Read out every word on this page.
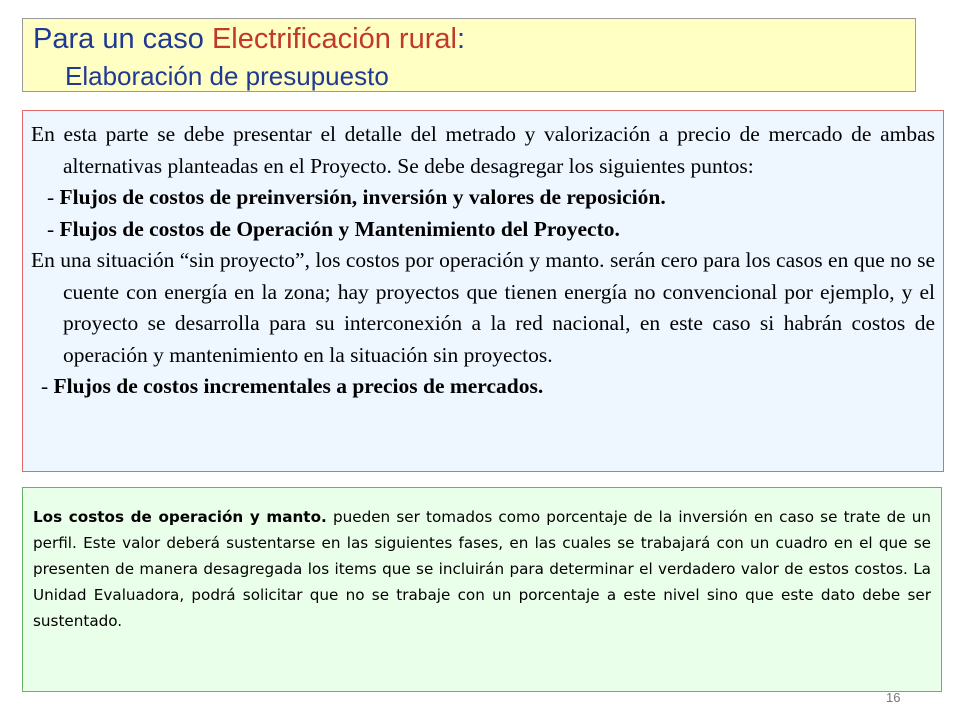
Para un caso Electrificación rural:
Elaboración de presupuesto

En esta parte se debe presentar el detalle del metrado y valorización a precio de mercado de ambas alternativas planteadas en el Proyecto. Se debe desagregar los siguientes puntos:

- Flujos de costos de preinversión, inversión y valores de reposición.
- Flujos de costos de Operación y Mantenimiento del Proyecto.

En una situación “sin proyecto”, los costos por operación y manto. serán cero para los casos en que no se cuente con energía en la zona; hay proyectos que tienen energía no convencional por ejemplo, y el proyecto se desarrolla para su interconexión a la red nacional, en este caso si habrán costos de operación y mantenimiento en la situación sin proyectos.

- Flujos de costos incrementales a precios de mercados.
Los costos de operación y manto. pueden ser tomados como porcentaje de la inversión en caso se trate de un perfil. Este valor deberá sustentarse en las siguientes fases, en las cuales se trabajará con un cuadro en el que se presenten de manera desagregada los items que se incluirán para determinar el verdadero valor de estos costos. La Unidad Evaluadora, podrá solicitar que no se trabaje con un porcentaje a este nivel sino que este dato debe ser sustentado.
16
